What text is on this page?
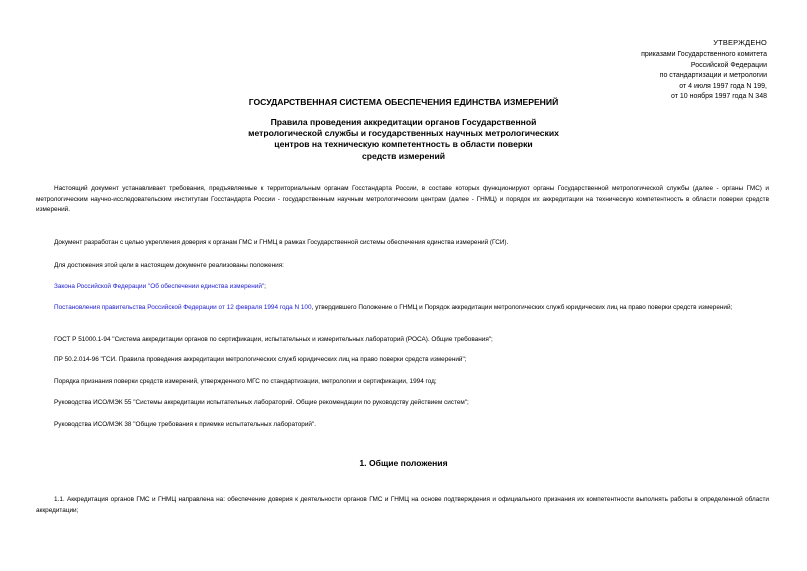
УТВЕРЖДЕНО
приказами Государственного комитета
Российской Федерации
по стандартизации и метрологии
от 4 июля 1997 года N 199,
от 10 ноября 1997 года N 348
ГОСУДАРСТВЕННАЯ СИСТЕМА ОБЕСПЕЧЕНИЯ ЕДИНСТВА ИЗМЕРЕНИЙ
Правила проведения аккредитации органов Государственной
метрологической службы и государственных научных метрологических
центров на техническую компетентность в области поверки
средств измерений
Настоящий документ устанавливает требования, предъявляемые к территориальным органам Госстандарта России, в составе которых функционируют органы Государственной метрологической службы (далее - органы ГМС) и метрологическим научно-исследовательским институтам Госстандарта России - государственным научным метрологическим центрам (далее - ГНМЦ) и порядок их аккредитации на техническую компетентность в области поверки средств измерений.
Документ разработан с целью укрепления доверия к органам ГМС и ГНМЦ в рамках Государственной системы обеспечения единства измерений (ГСИ).
Для достижения этой цели в настоящем документе реализованы положения:
Закона Российской Федерации "Об обеспечении единства измерений";
Постановления правительства Российской Федерации от 12 февраля 1994 года N 100, утвердившего Положение о ГНМЦ и Порядок аккредитации метрологических служб юридических лиц на право поверки средств измерений;
ГОСТ Р 51000.1-94 "Система аккредитации органов по сертификации, испытательных и измерительных лабораторий (РОСА). Общие требования";
ПР 50.2.014-96 "ГСИ. Правила проведения аккредитации метрологических служб юридических лиц на право поверки средств измерений";
Порядка признания поверки средств измерений, утвержденного МГС по стандартизации, метрологии и сертификации, 1994 год;
Руководства ИСО/МЭК 55 "Системы аккредитации испытательных лабораторий. Общие рекомендации по руководству действием систем";
Руководства ИСО/МЭК 38 "Общие требования к приемке испытательных лабораторий".
1. Общие положения
1.1. Аккредитация органов ГМС и ГНМЦ направлена на: обеспечение доверия к деятельности органов ГМС и ГНМЦ на основе подтверждения и официального признания их компетентности выполнять работы в определенной области аккредитации;
